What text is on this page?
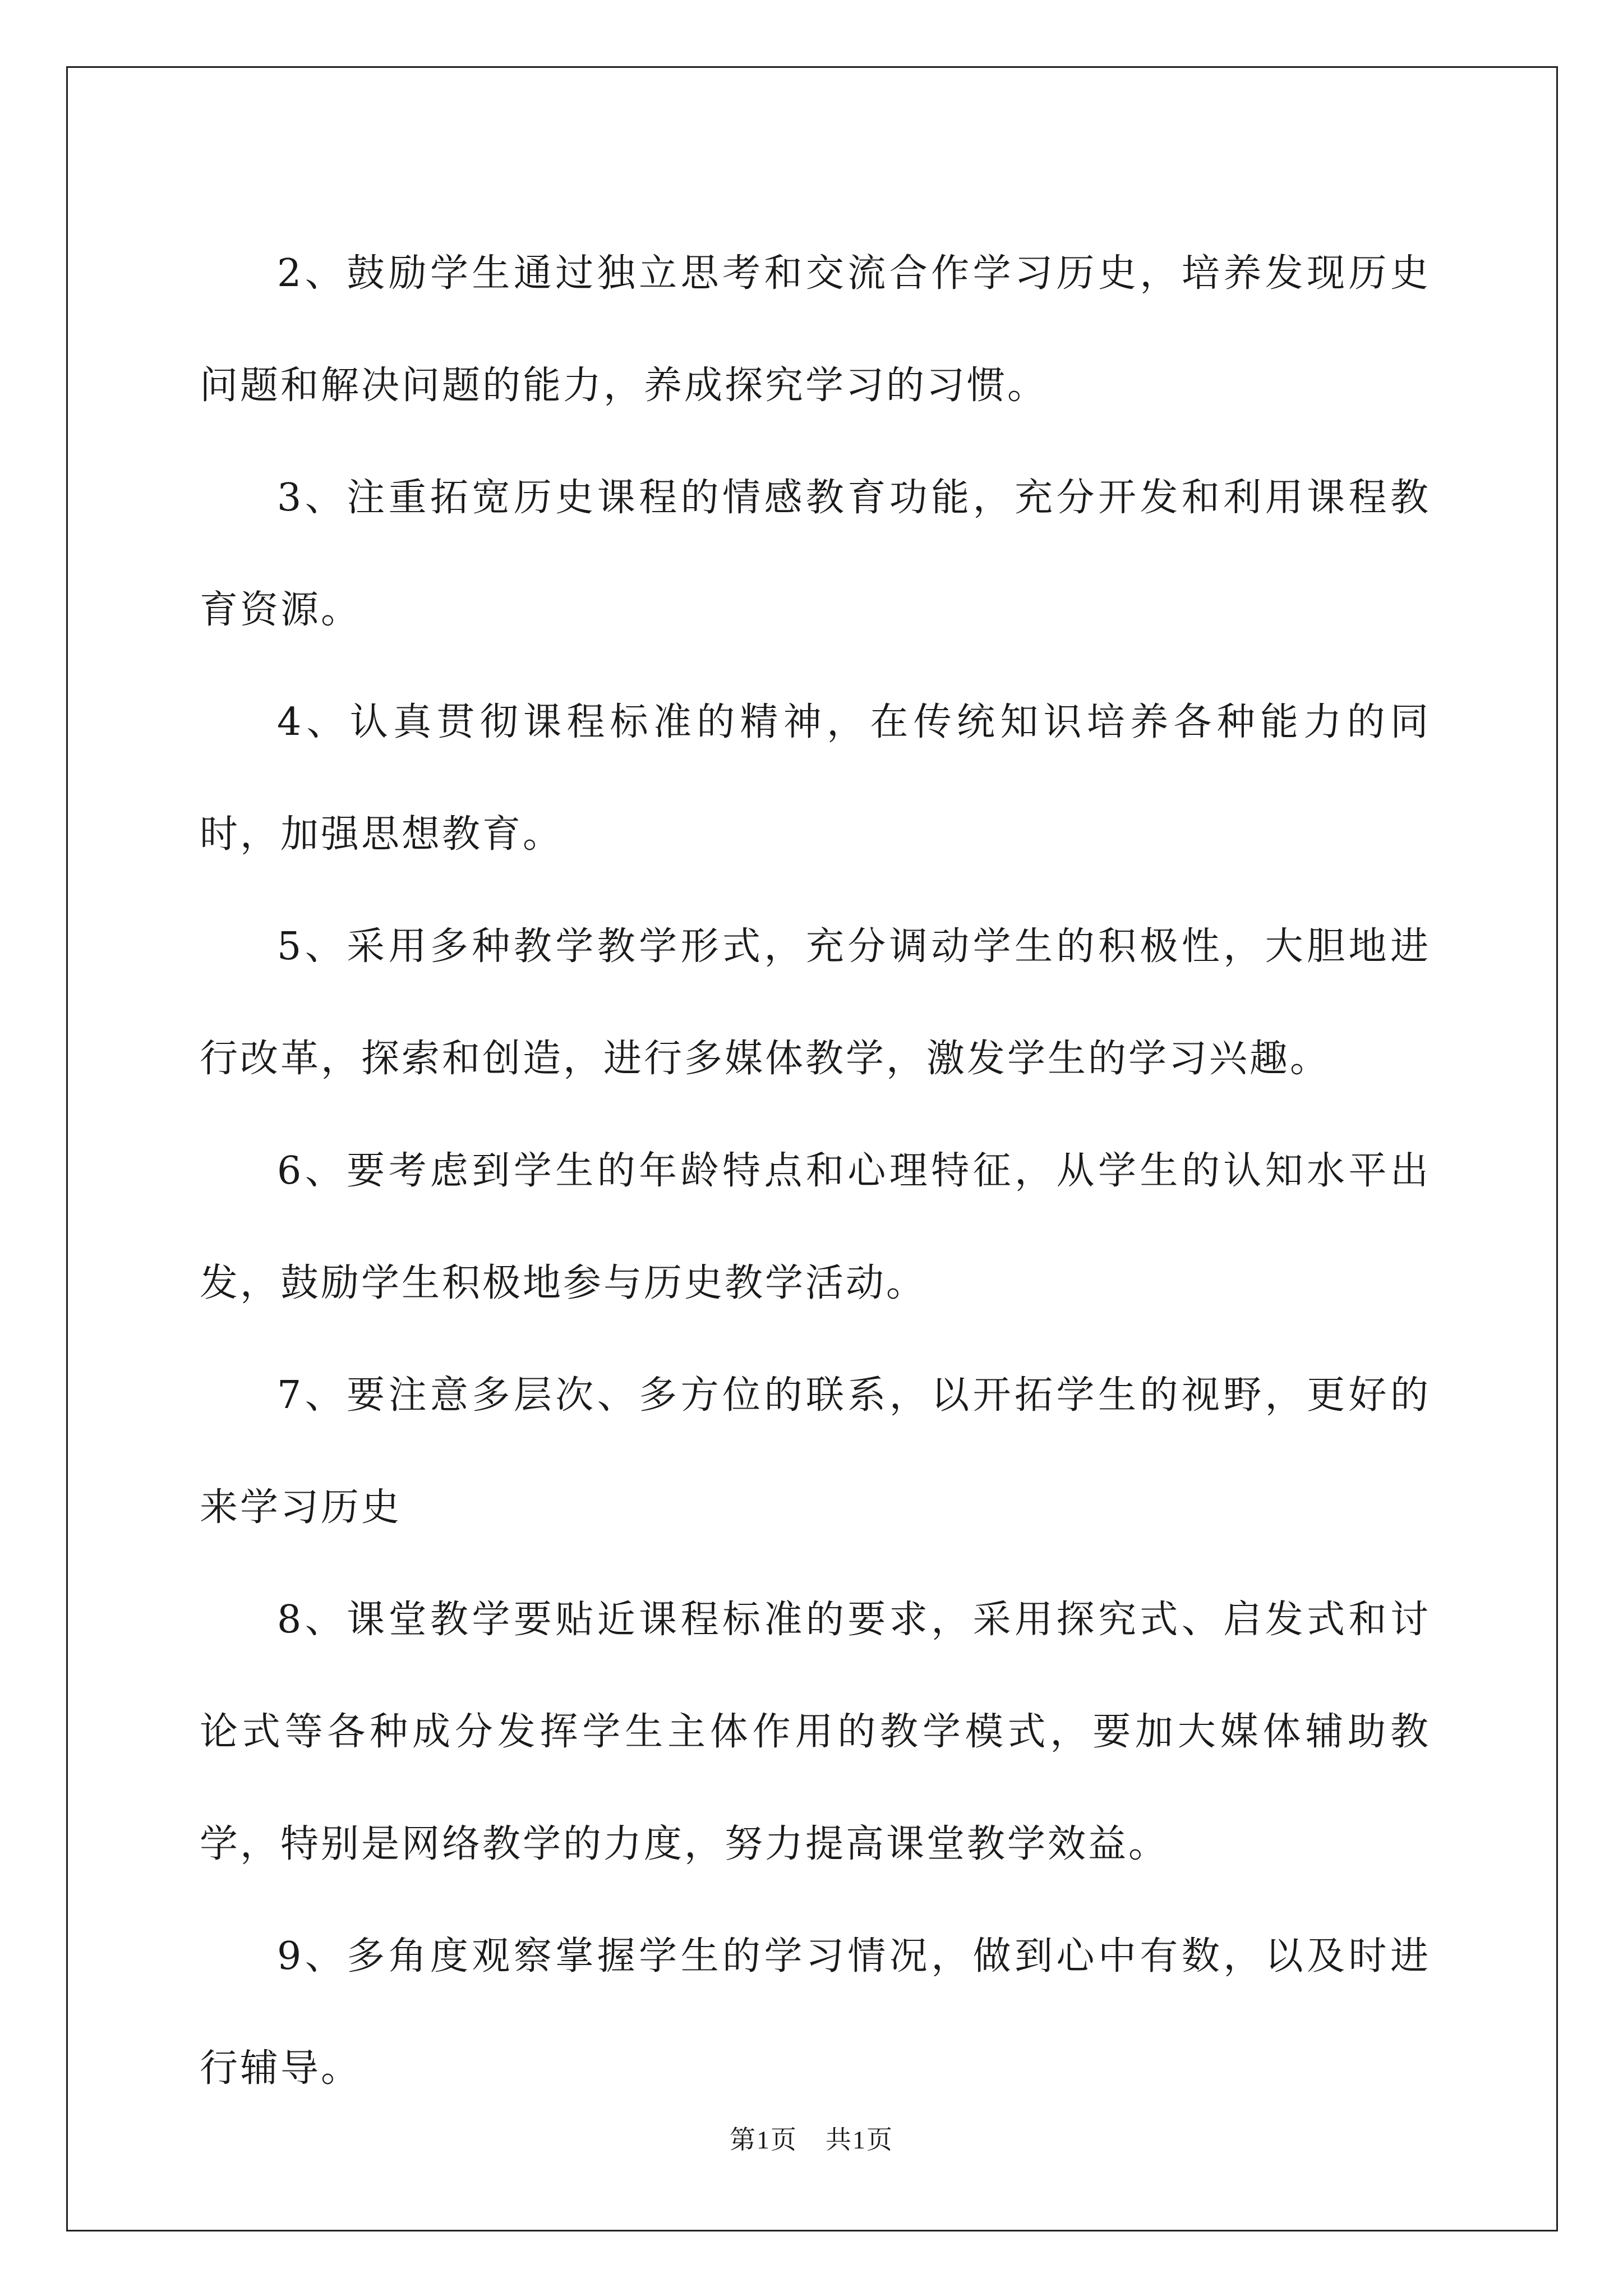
2、鼓励学生通过独立思考和交流合作学习历史，培养发现历史问题和解决问题的能力，养成探究学习的习惯。

3、注重拓宽历史课程的情感教育功能，充分开发和利用课程教育资源。

4、认真贯彻课程标准的精神，在传统知识培养各种能力的同时，加强思想教育。

5、采用多种教学教学形式，充分调动学生的积极性，大胆地进行改革，探索和创造，进行多媒体教学，激发学生的学习兴趣。

6、要考虑到学生的年龄特点和心理特征，从学生的认知水平出发，鼓励学生积极地参与历史教学活动。

7、要注意多层次、多方位的联系，以开拓学生的视野，更好的来学习历史

8、课堂教学要贴近课程标准的要求，采用探究式、启发式和讨论式等各种成分发挥学生主体作用的教学模式，要加大媒体辅助教学，特别是网络教学的力度，努力提高课堂教学效益。

9、多角度观察掌握学生的学习情况，做到心中有数，以及时进行辅导。

第1页 共1页
